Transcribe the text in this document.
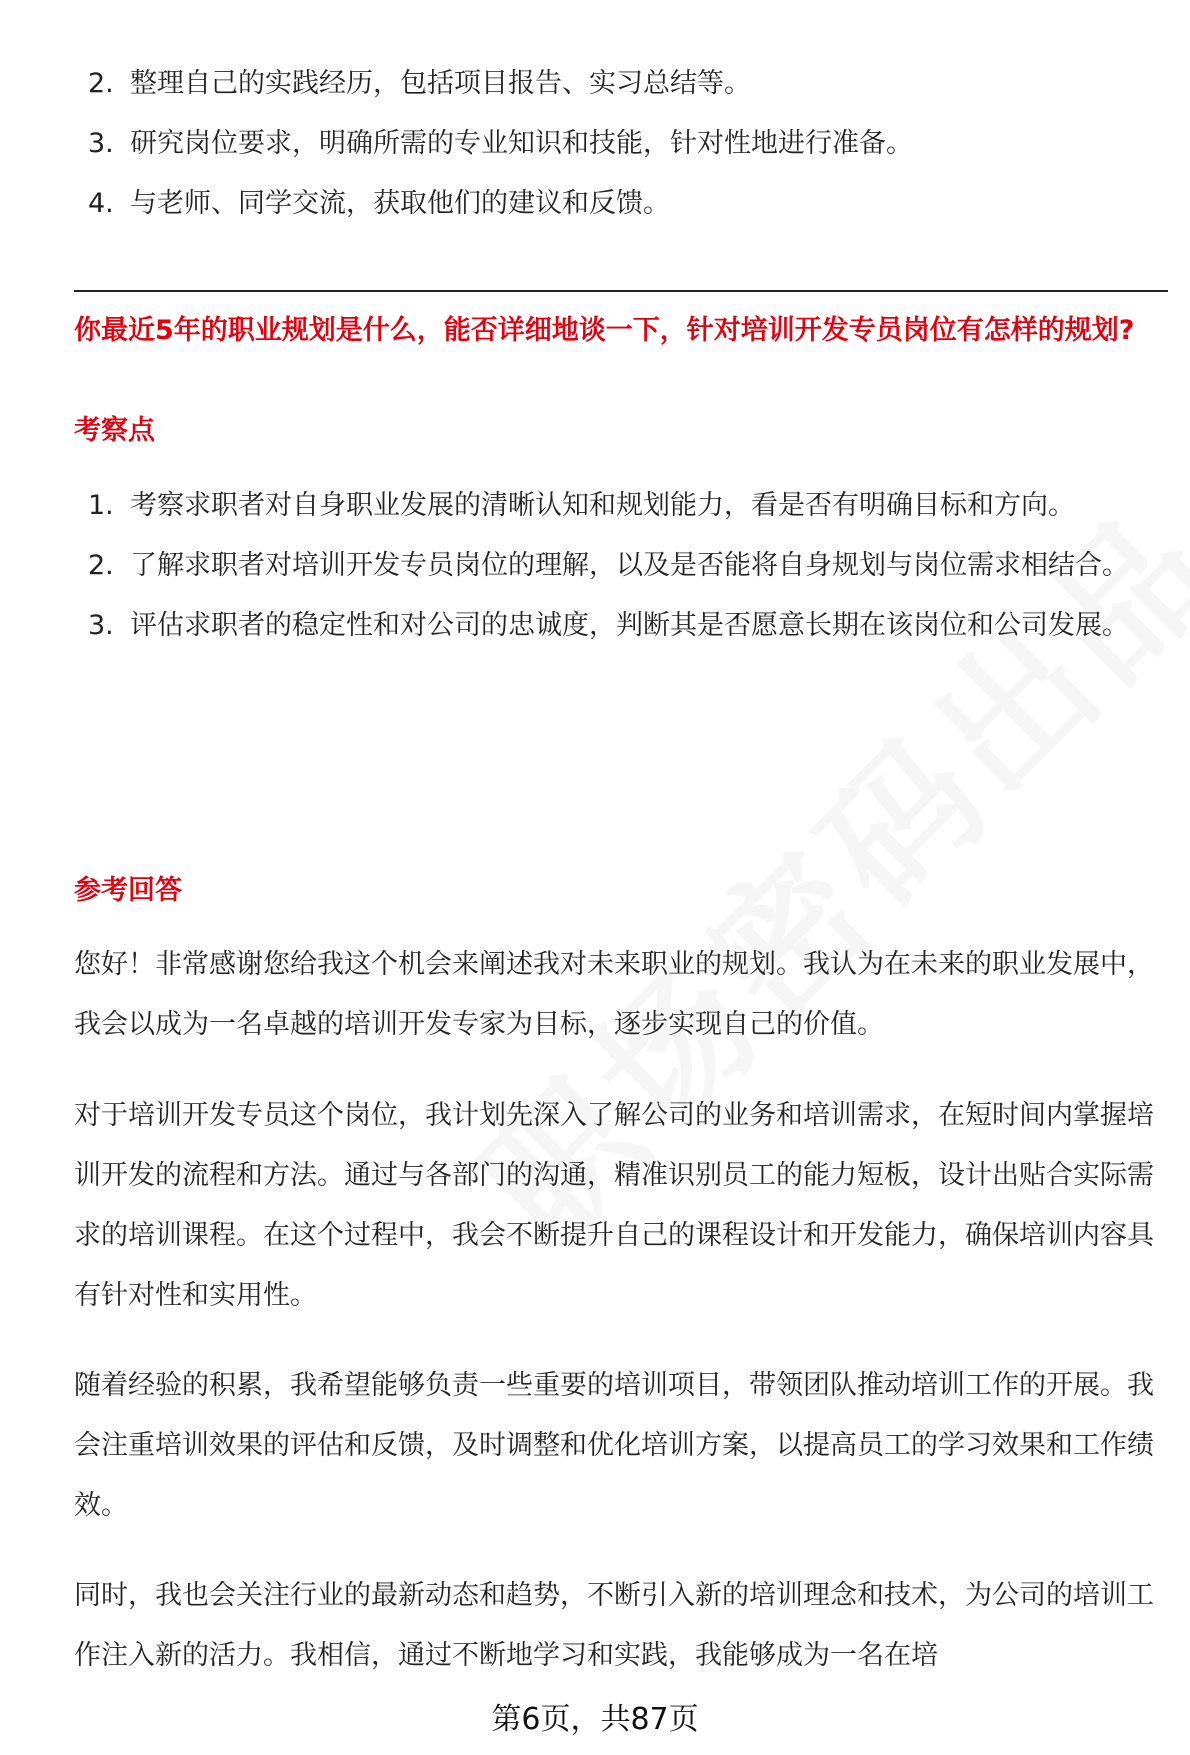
2. 整理自己的实践经历，包括项目报告、实习总结等。
3. 研究岗位要求，明确所需的专业知识和技能，针对性地进行准备。
4. 与老师、同学交流，获取他们的建议和反馈。
你最近5年的职业规划是什么，能否详细地谈一下，针对培训开发专员岗位有怎样的规划?
考察点
1. 考察求职者对自身职业发展的清晰认知和规划能力，看是否有明确目标和方向。
2. 了解求职者对培训开发专员岗位的理解，以及是否能将自身规划与岗位需求相结合。
3. 评估求职者的稳定性和对公司的忠诚度，判断其是否愿意长期在该岗位和公司发展。
参考回答

您好！非常感谢您给我这个机会来阐述我对未来职业的规划。我认为在未来的职业发展中，我会以成为一名卓越的培训开发专家为目标，逐步实现自己的价值。

对于培训开发专员这个岗位，我计划先深入了解公司的业务和培训需求，在短时间内掌握培训开发的流程和方法。通过与各部门的沟通，精准识别员工的能力短板，设计出贴合实际需求的培训课程。在这个过程中，我会不断提升自己的课程设计和开发能力，确保培训内容具有针对性和实用性。

随着经验的积累，我希望能够负责一些重要的培训项目，带领团队推动培训工作的开展。我会注重培训效果的评估和反馈，及时调整和优化培训方案，以提高员工的学习效果和工作绩效。

同时，我也会关注行业的最新动态和趋势，不断引入新的培训理念和技术，为公司的培训工作注入新的活力。我相信，通过不断地学习和实践，我能够成为一名在培

第6页，共87页
